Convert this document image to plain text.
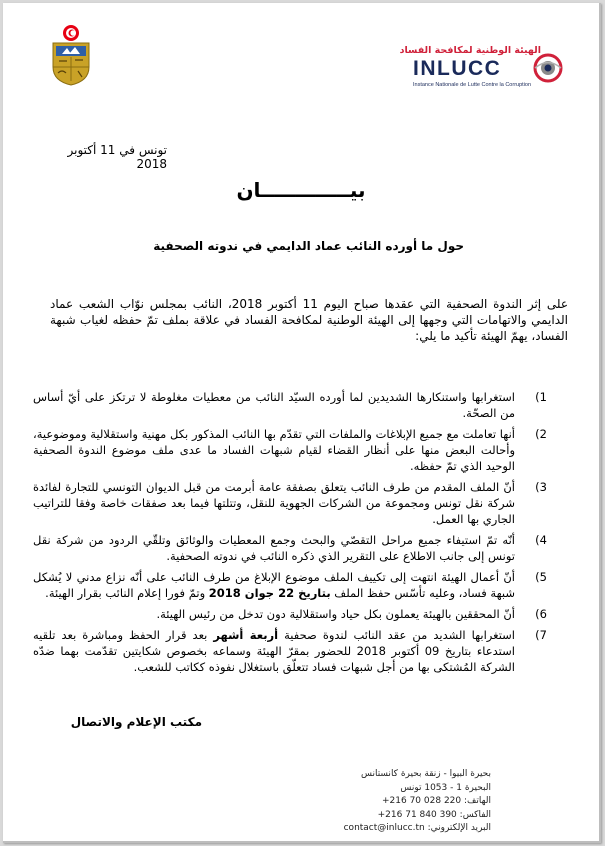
الهيئة الوطنية لمكافحة الفساد
INLUCC
Instance Nationale de Lutte Contre la Corruption
تونس في 11 أكتوبر 2018
بيـــــــــــــان
حول ما أورده النائب عماد الدايمي في ندوته الصحفية
على إثر الندوة الصحفية التي عقدها صباح اليوم 11 أكتوبر 2018، النائب بمجلس نوّاب الشعب عماد الدايمي والاتهامات التي وجهها إلى الهيئة الوطنية لمكافحة الفساد في علاقة بملف تمّ حفظه لغياب شبهة الفساد، يهمّ الهيئة تأكيد ما يلي:
1)
استغرابها واستنكارها الشديدين لما أورده السيّد النائب من معطيات مغلوطة لا ترتكز على أيّ أساس من الصحّة.
2)
أنها تعاملت مع جميع الإبلاغات والملفات التي تقدّم بها النائب المذكور بكل مهنية واستقلالية وموضوعية، وأحالت البعض منها على أنظار القضاء لقيام شبهات الفساد ما عدى ملف موضوع الندوة الصحفية الوحيد الذي تمّ حفظه.
3)
أنّ الملف المقدم من طرف النائب يتعلق بصفقة عامة أبرمت من قبل الديوان التونسي للتجارة لفائدة شركة نقل تونس ومجموعة من الشركات الجهوية للنقل، وتتلتها فيما بعد صفقات خاصة وفقا للتراتيب الجاري بها العمل.
4)
أنّه تمّ استيفاء جميع مراحل التقصّي والبحث وجمع المعطيات والوثائق وتلقّي الردود من شركة نقل تونس إلى جانب الاطلاع على التقرير الذي ذكره النائب في ندوته الصحفية.
5)
أنّ أعمال الهيئة انتهت إلى تكييف الملف موضوع الإبلاغ من طرف النائب على أنّه نزاع مدني لا يُشكل شبهة فساد، وعليه تأسّس حفظ الملف بتاريخ 22 جوان 2018 وتمّ فورا إعلام النائب بقرار الهيئة.
6)
أنّ المحققين بالهيئة يعملون بكل حياد واستقلالية دون تدخل من رئيس الهيئة.
7)
استغرابها الشديد من عقد النائب لندوة صحفية أربعة أشهر بعد قرار الحفظ ومباشرة بعد تلقيه استدعاء بتاريخ 09 أكتوبر 2018 للحضور بمقرّ الهيئة وسماعه بخصوص شكايتين تقدّمت بهما ضدّه الشركة المُشتكى بها من أجل شبهات فساد تتعلّق باستغلال نفوذه ككاتب للشعب.
مكتب الإعلام والاتصال
بحيرة البيوا - زنقة بحيرة كانستانس
البحيرة 1 - 1053 تونس
الهاتف: 220 028 70 216+
الفاكس: 390 840 71 216+
البريد الإلكتروني: contact@inlucc.tn
